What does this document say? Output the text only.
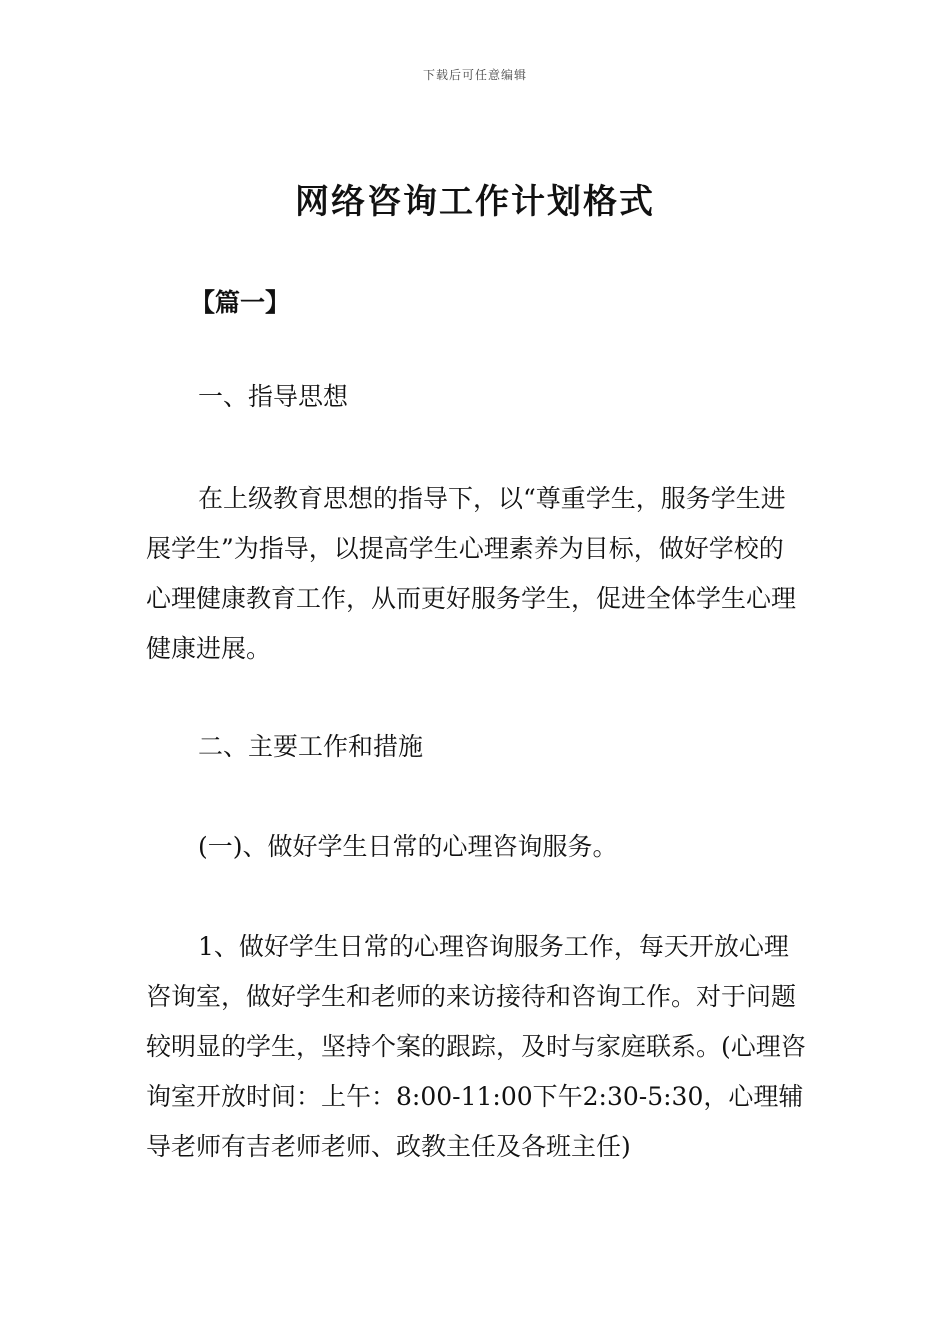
下载后可任意编辑
网络咨询工作计划格式
【篇一】
一、指导思想

在上级教育思想的指导下，以“尊重学生，服务学生进展学生”为指导，以提高学生心理素养为目标，做好学校的心理健康教育工作，从而更好服务学生，促进全体学生心理健康进展。

二、主要工作和措施
(一)、做好学生日常的心理咨询服务。

1、做好学生日常的心理咨询服务工作，每天开放心理咨询室，做好学生和老师的来访接待和咨询工作。对于问题较明显的学生，坚持个案的跟踪，及时与家庭联系。(心理咨询室开放时间：上午：8:00-11:00下午2:30-5:30，心理辅导老师有吉老师老师、政教主任及各班主任)
